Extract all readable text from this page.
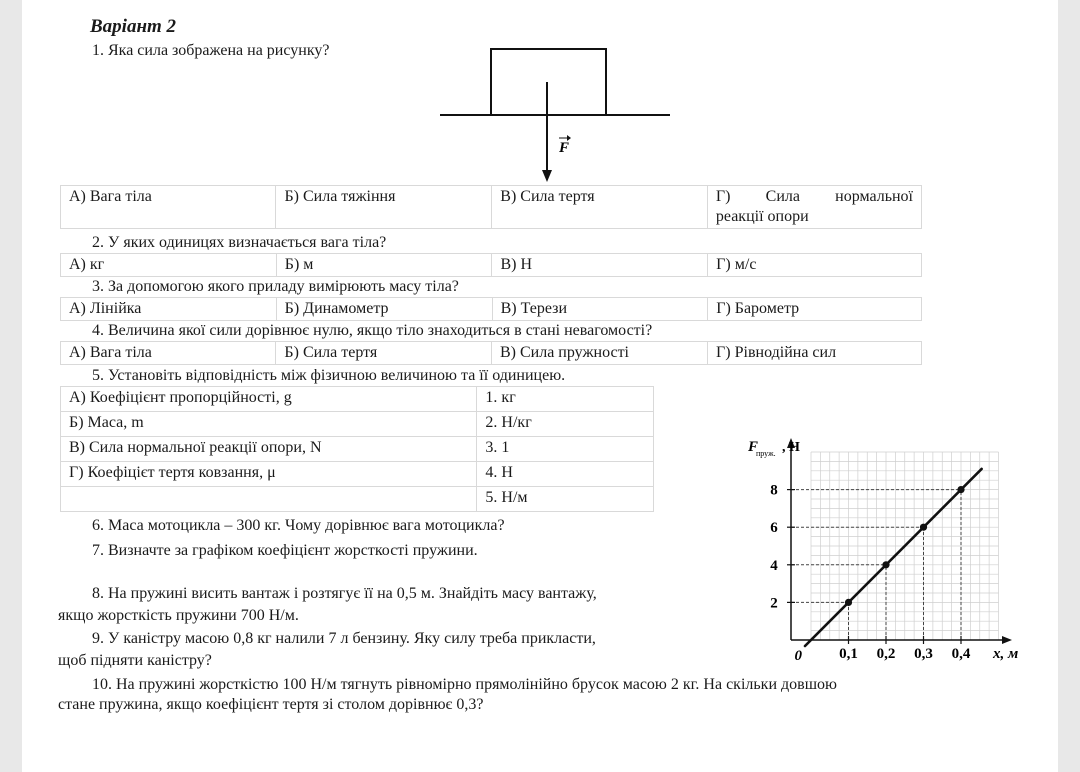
Варіант 2
1. Яка сила зображена на рисунку?
F
А) Вага тіла	Б) Сила тяжіння	В) Сила тертя	Г) Сила нормальної
реакції опори
2. У яких одиницях визначається вага тіла?
А) кг	Б) м	В) Н	Г) м/с
3. За допомогою якого приладу вимірюють масу тіла?
А) Лінійка	Б) Динамометр	В) Терези	Г) Барометр
4. Величина якої сили дорівнює нулю, якщо тіло знаходиться в стані невагомості?
А) Вага тіла	Б) Сила тертя	В) Сила пружності	Г) Рівнодійна сил
5. Установіть відповідність між фізичною величиною та її одиницею.
А) Коефіцієнт пропорційності, g	1. кг
Б) Маса, m	2. Н/кг
В) Сила нормальної реакції опори, N	3. 1
Г) Коефіцієт тертя ковзання, μ	4. Н
	5. Н/м
6. Маса мотоцикла – 300 кг. Чому дорівнює вага мотоцикла?
7. Визначте за графіком коефіцієнт жорсткості пружини.
8. На пружині висить вантаж і розтягує її на 0,5 м. Знайдіть масу вантажу,
якщо жорсткість пружини 700 Н/м.
9. У каністру масою 0,8 кг налили 7 л бензину. Яку силу треба прикласти,
щоб підняти каністру?
10. На пружині жорсткістю 100 Н/м тягнуть рівномірно прямолінійно брусок масою 2 кг. На скільки довшою
стане пружина, якщо коефіцієнт тертя зі столом дорівнює 0,3?
0,1 0,2 0,3 0,4
2
4
6
8
F
пруж. , Н
0	x, м
